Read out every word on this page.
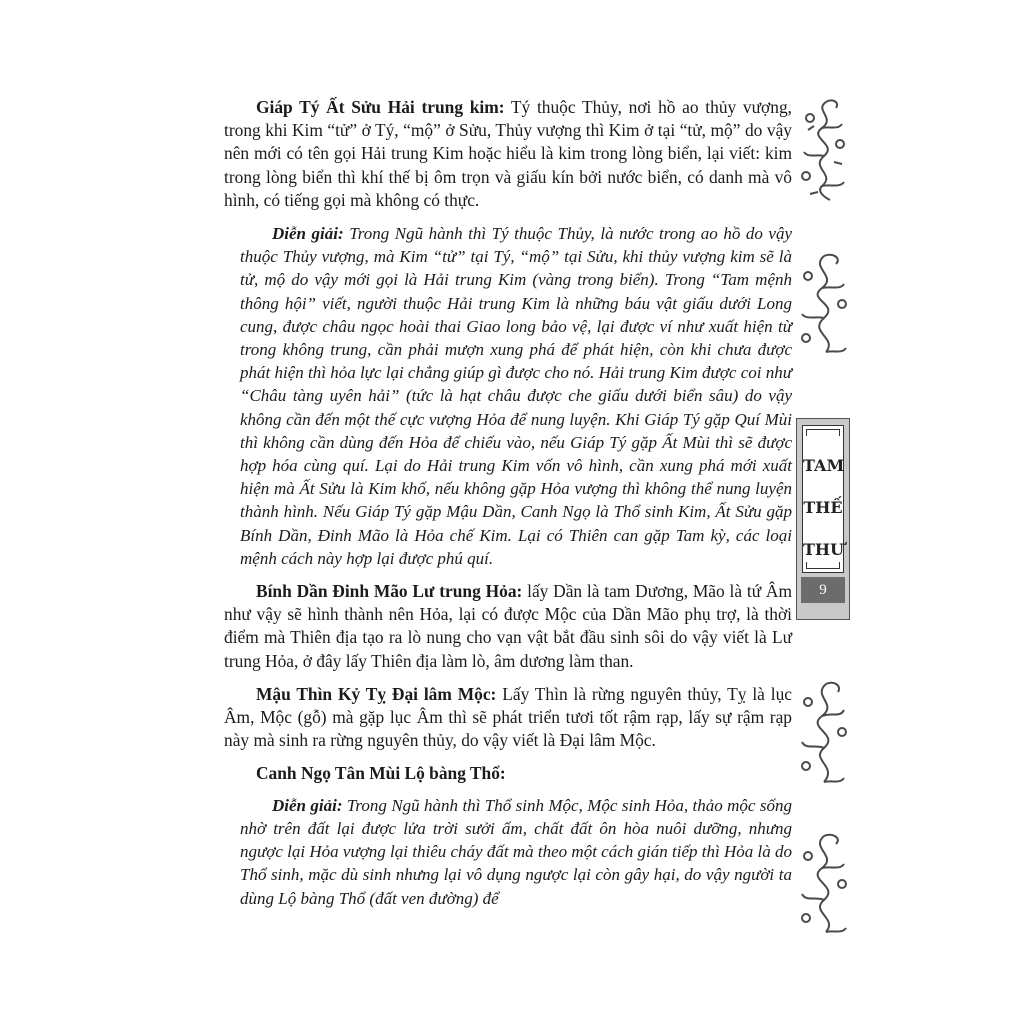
Giáp Tý Ất Sửu Hải trung kim: Tý thuộc Thủy, nơi hồ ao thủy vượng, trong khi Kim “tử” ở Tý, “mộ” ở Sửu, Thủy vượng thì Kim ở tại “tử, mộ” do vậy nên mới có tên gọi Hải trung Kim hoặc hiểu là kim trong lòng biển, lại viết: kim trong lòng biển thì khí thế bị ôm trọn và giấu kín bởi nước biển, có danh mà vô hình, có tiếng gọi mà không có thực.

Diễn giải: Trong Ngũ hành thì Tý thuộc Thủy, là nước trong ao hồ do vậy thuộc Thủy vượng, mà Kim “tử” tại Tý, “mộ” tại Sửu, khi thủy vượng kim sẽ là tử, mộ do vậy mới gọi là Hải trung Kim (vàng trong biển). Trong “Tam mệnh thông hội” viết, người thuộc Hải trung Kim là những báu vật giấu dưới Long cung, được châu ngọc hoài thai Giao long bảo vệ, lại được ví như xuất hiện từ trong không trung, cần phải mượn xung phá để phát hiện, còn khi chưa được phát hiện thì hỏa lực lại chẳng giúp gì được cho nó. Hải trung Kim được coi như “Châu tàng uyên hải” (tức là hạt châu được che giấu dưới biển sâu) do vậy không cần đến một thế cực vượng Hỏa để nung luyện. Khi Giáp Tý gặp Quí Mùi thì không cần dùng đến Hỏa để chiếu vào, nếu Giáp Tý gặp Ất Mùi thì sẽ được hợp hóa cùng quí. Lại do Hải trung Kim vốn vô hình, cần xung phá mới xuất hiện mà Ất Sửu là Kim khố, nếu không gặp Hỏa vượng thì không thể nung luyện thành hình. Nếu Giáp Tý gặp Mậu Dần, Canh Ngọ là Thổ sinh Kim, Ất Sửu gặp Bính Dần, Đinh Mão là Hỏa chế Kim. Lại có Thiên can gặp Tam kỳ, các loại mệnh cách này hợp lại được phú quí.

Bính Dần Đinh Mão Lư trung Hỏa: lấy Dần là tam Dương, Mão là tứ Âm như vậy sẽ hình thành nên Hỏa, lại có được Mộc của Dần Mão phụ trợ, là thời điểm mà Thiên địa tạo ra lò nung cho vạn vật bắt đầu sinh sôi do vậy viết là Lư trung Hỏa, ở đây lấy Thiên địa làm lò, âm dương làm than.

Mậu Thìn Kỷ Tỵ Đại lâm Mộc: Lấy Thìn là rừng nguyên thủy, Tỵ là lục Âm, Mộc (gỗ) mà gặp lục Âm thì sẽ phát triển tươi tốt rậm rạp, lấy sự rậm rạp này mà sinh ra rừng nguyên thủy, do vậy viết là Đại lâm Mộc.

Canh Ngọ Tân Mùi Lộ bàng Thổ:

Diễn giải: Trong Ngũ hành thì Thổ sinh Mộc, Mộc sinh Hỏa, thảo mộc sống nhờ trên đất lại được lửa trời sưởi ấm, chất đất ôn hòa nuôi dưỡng, nhưng ngược lại Hỏa vượng lại thiêu cháy đất mà theo một cách gián tiếp thì Hỏa là do Thổ sinh, mặc dù sinh nhưng lại vô dụng ngược lại còn gây hại, do vậy người ta dùng Lộ bàng Thổ (đất ven đường) để

TAM
THẾ
THƯ
9
